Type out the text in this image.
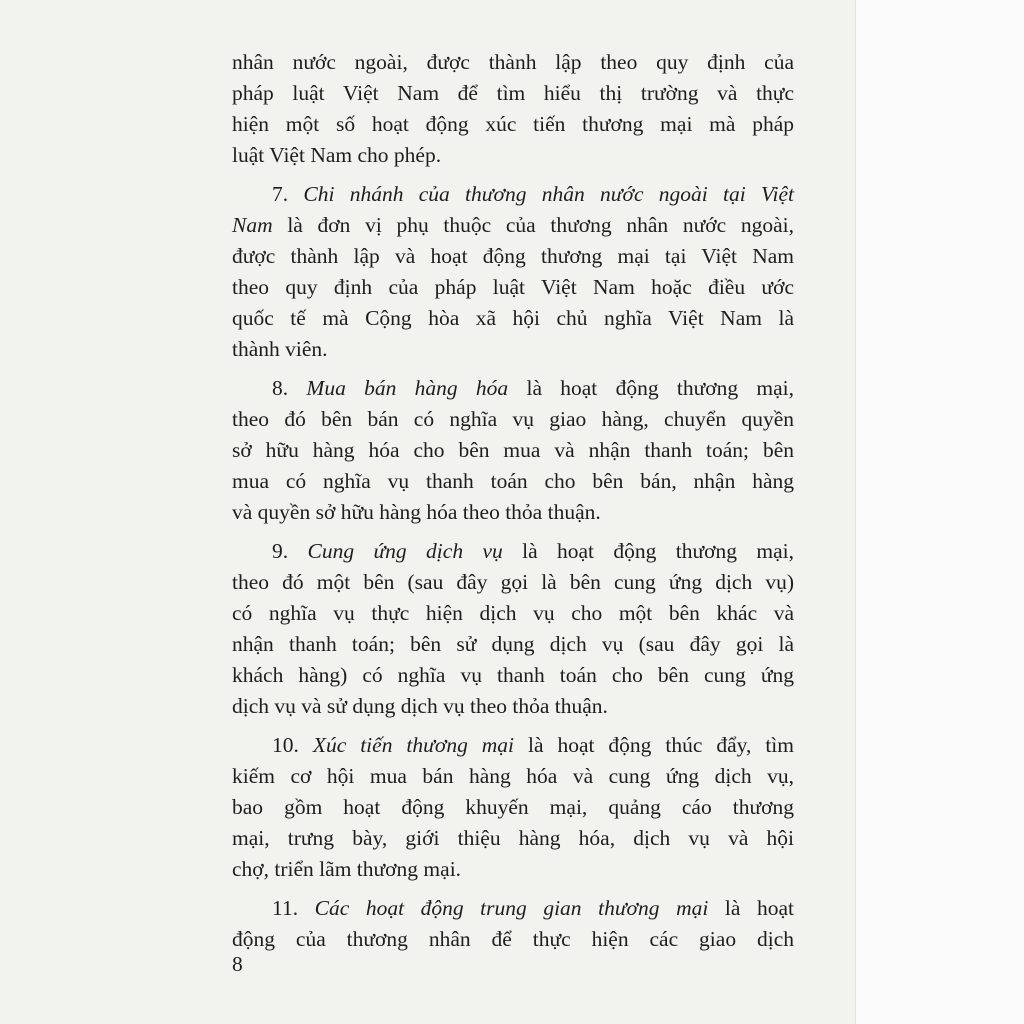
nhân nước ngoài, được thành lập theo quy định của
pháp luật Việt Nam để tìm hiểu thị trường và thực
hiện một số hoạt động xúc tiến thương mại mà pháp
luật Việt Nam cho phép.
7. Chi nhánh của thương nhân nước ngoài tại Việt
Nam là đơn vị phụ thuộc của thương nhân nước ngoài,
được thành lập và hoạt động thương mại tại Việt Nam
theo quy định của pháp luật Việt Nam hoặc điều ước
quốc tế mà Cộng hòa xã hội chủ nghĩa Việt Nam là
thành viên.
8. Mua bán hàng hóa là hoạt động thương mại,
theo đó bên bán có nghĩa vụ giao hàng, chuyển quyền
sở hữu hàng hóa cho bên mua và nhận thanh toán; bên
mua có nghĩa vụ thanh toán cho bên bán, nhận hàng
và quyền sở hữu hàng hóa theo thỏa thuận.
9. Cung ứng dịch vụ là hoạt động thương mại,
theo đó một bên (sau đây gọi là bên cung ứng dịch vụ)
có nghĩa vụ thực hiện dịch vụ cho một bên khác và
nhận thanh toán; bên sử dụng dịch vụ (sau đây gọi là
khách hàng) có nghĩa vụ thanh toán cho bên cung ứng
dịch vụ và sử dụng dịch vụ theo thỏa thuận.
10. Xúc tiến thương mại là hoạt động thúc đẩy, tìm
kiếm cơ hội mua bán hàng hóa và cung ứng dịch vụ,
bao gồm hoạt động khuyến mại, quảng cáo thương
mại, trưng bày, giới thiệu hàng hóa, dịch vụ và hội
chợ, triển lãm thương mại.
11. Các hoạt động trung gian thương mại là hoạt
động của thương nhân để thực hiện các giao dịch
8
